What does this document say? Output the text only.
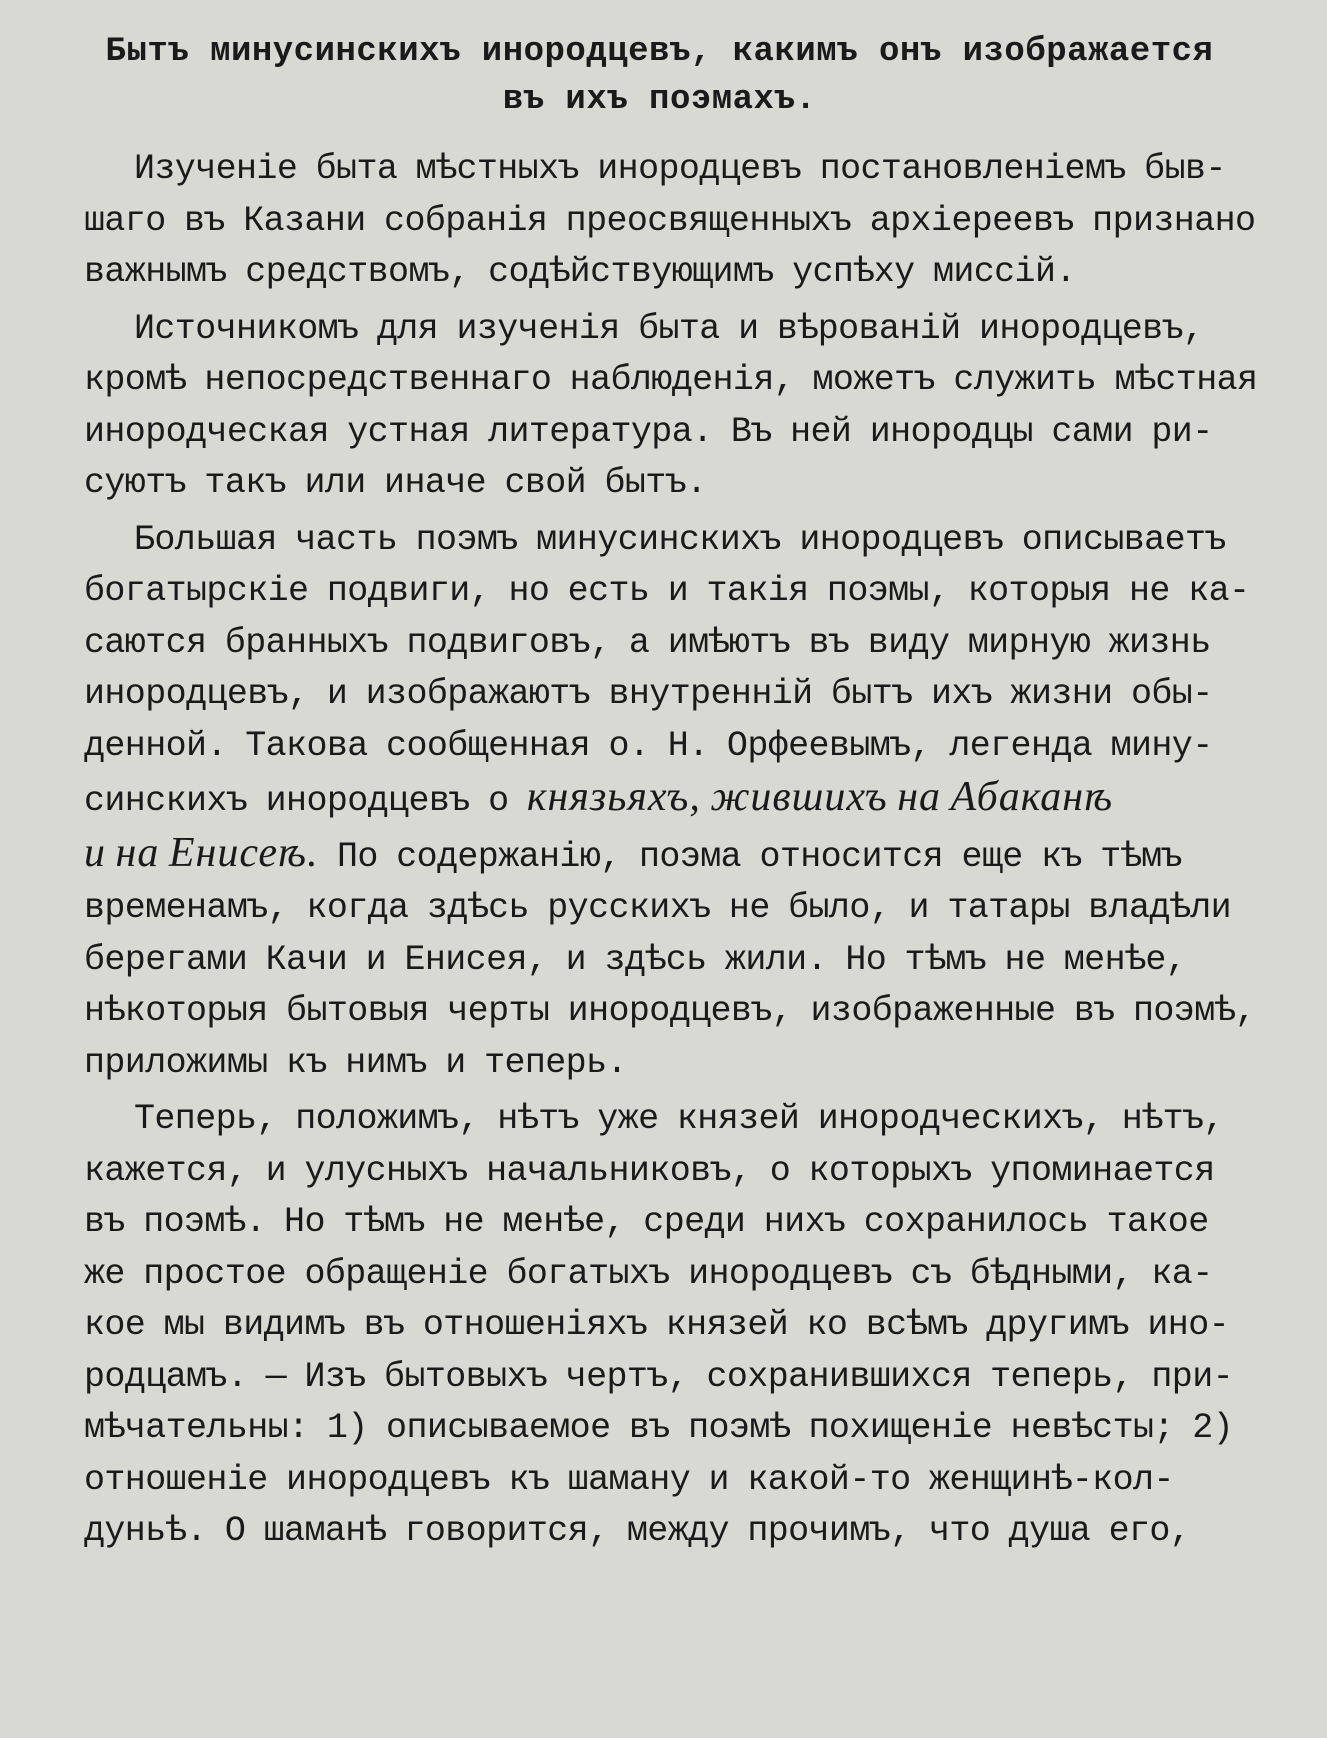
Бытъ минусинскихъ инородцевъ, какимъ онъ изображается
въ ихъ поэмахъ.
Изученіе быта мѣстныхъ инородцевъ постановленіемъ быв-
шаго въ Казани собранія преосвященныхъ архіереевъ признано
важнымъ средствомъ, содѣйствующимъ успѣху миссій.
Источникомъ для изученія быта и вѣрованій инородцевъ,
кромѣ непосредственнаго наблюденія, можетъ служить мѣстная
инородческая устная литература. Въ ней инородцы сами ри-
суютъ такъ или иначе свой бытъ.
Большая часть поэмъ минусинскихъ инородцевъ описываетъ
богатырскіе подвиги, но есть и такія поэмы, которыя не ка-
саются бранныхъ подвиговъ, а имѣютъ въ виду мирную жизнь
инородцевъ, и изображаютъ внутренній бытъ ихъ жизни обы-
денной. Такова сообщенная о. Н. Орфеевымъ, легенда мину-
синскихъ инородцевъ о князьяхъ, жившихъ на Абаканѣ
и на Енисеѣ. По содержанію, поэма относится еще къ тѣмъ
временамъ, когда здѣсь русскихъ не было, и татары владѣли
берегами Качи и Енисея, и здѣсь жили. Но тѣмъ не менѣе,
нѣкоторыя бытовыя черты инородцевъ, изображенные въ поэмѣ,
приложимы къ нимъ и теперь.
Теперь, положимъ, нѣтъ уже князей инородческихъ, нѣтъ,
кажется, и улусныхъ начальниковъ, о которыхъ упоминается
въ поэмѣ. Но тѣмъ не менѣе, среди нихъ сохранилось такое
же простое обращеніе богатыхъ инородцевъ съ бѣдными, ка-
кое мы видимъ въ отношеніяхъ князей ко всѣмъ другимъ ино-
родцамъ. — Изъ бытовыхъ чертъ, сохранившихся теперь, при-
мѣчательны: 1) описываемое въ поэмѣ похищеніе невѣсты; 2)
отношеніе инородцевъ къ шаману и какой-то женщинѣ-кол-
дуньѣ. О шаманѣ говорится, между прочимъ, что душа его,
